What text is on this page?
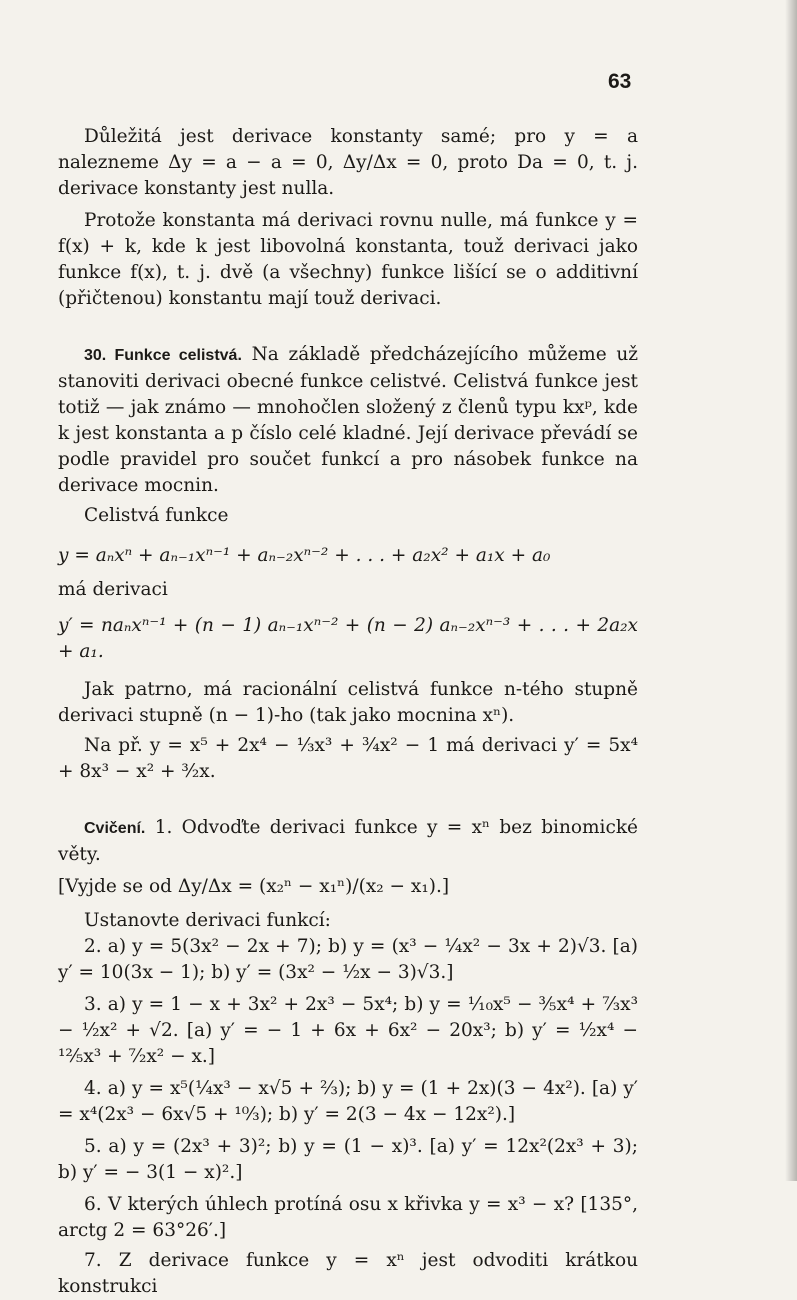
63

Důležitá jest derivace konstanty samé; pro y = a nalezneme Δy = a − a = 0, Δy/Δx = 0, proto Da = 0, t. j. derivace konstanty jest nulla.

Protože konstanta má derivaci rovnu nulle, má funkce y = f(x) + k, kde k jest libovolná konstanta, touž derivaci jako funkce f(x), t. j. dvě (a všechny) funkce lišící se o additivní (přičtenou) konstantu mají touž derivaci.

30. Funkce celistvá. Na základě předcházejícího můžeme už stanoviti derivaci obecné funkce celistvé. Celistvá funkce jest totiž — jak známo — mnohočlen složený z členů typu kxᵖ, kde k jest konstanta a p číslo celé kladné. Její derivace převádí se podle pravidel pro součet funkcí a pro násobek funkce na derivace mocnin.

Celistvá funkce

y = aₙxⁿ + aₙ₋₁xⁿ⁻¹ + aₙ₋₂xⁿ⁻² + . . . + a₂x² + a₁x + a₀

má derivaci

y′ = naₙxⁿ⁻¹ + (n − 1) aₙ₋₁xⁿ⁻² + (n − 2) aₙ₋₂xⁿ⁻³ + . . . + 2a₂x + a₁.

Jak patrno, má racionální celistvá funkce n-tého stupně derivaci stupně (n − 1)-ho (tak jako mocnina xⁿ).

Na př. y = x⁵ + 2x⁴ − ⅓x³ + ¾x² − 1 má derivaci y′ = 5x⁴ + 8x³ − x² + ³⁄₂x.

Cvičení. 1. Odvoďte derivaci funkce y = xⁿ bez binomické věty.

[Vyjde se od Δy/Δx = (x₂ⁿ − x₁ⁿ)/(x₂ − x₁).]

Ustanovte derivaci funkcí:

2. a) y = 5(3x² − 2x + 7); b) y = (x³ − ¼x² − 3x + 2)√3. [a) y′ = 10(3x − 1); b) y′ = (3x² − ½x − 3)√3.]

3. a) y = 1 − x + 3x² + 2x³ − 5x⁴; b) y = ¹⁄₁₀x⁵ − ⅗x⁴ + ⁷⁄₃x³ − ½x² + √2. [a) y′ = − 1 + 6x + 6x² − 20x³; b) y′ = ½x⁴ − ¹²⁄₅x³ + ⁷⁄₂x² − x.]

4. a) y = x⁵(¼x³ − x√5 + ⅔); b) y = (1 + 2x)(3 − 4x²). [a) y′ = x⁴(2x³ − 6x√5 + ¹⁰⁄₃); b) y′ = 2(3 − 4x − 12x²).]

5. a) y = (2x³ + 3)²; b) y = (1 − x)³. [a) y′ = 12x²(2x³ + 3); b) y′ = − 3(1 − x)².]

6. V kterých úhlech protíná osu x křivka y = x³ − x? [135°, arctg 2 = 63°26′.]

7. Z derivace funkce y = xⁿ jest odvoditi krátkou konstrukci
